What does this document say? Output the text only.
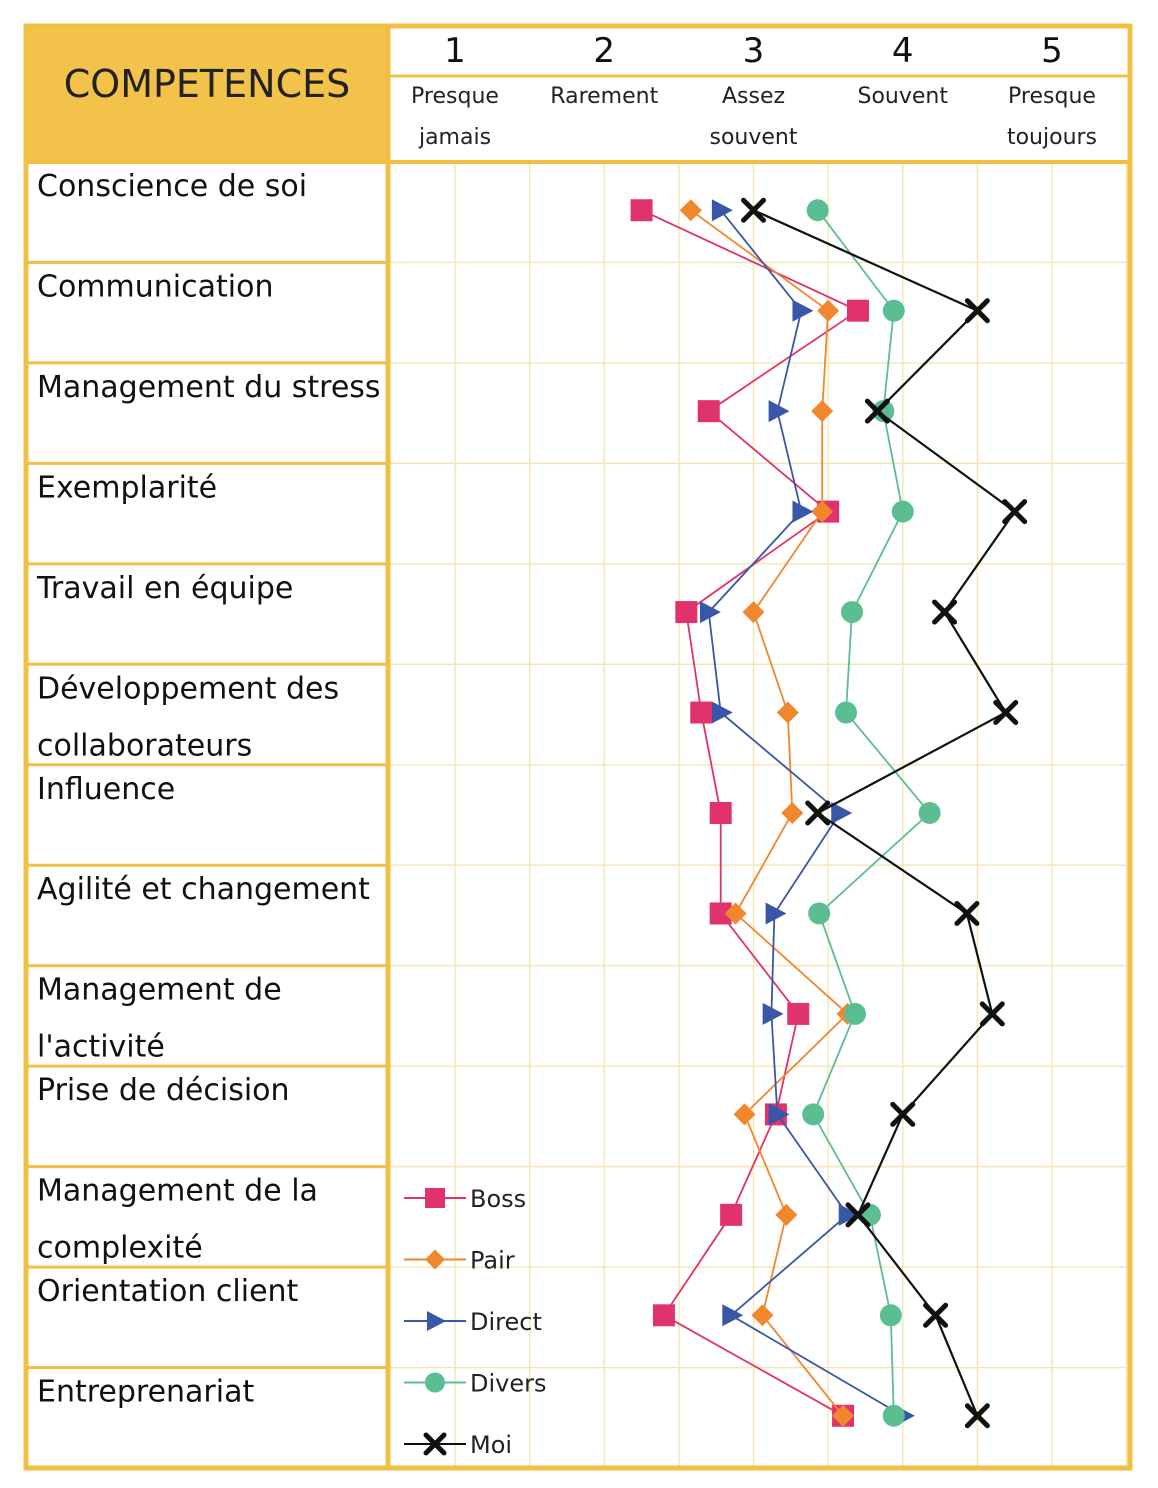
COMPETENCES
1
Presque
jamais
2
Rarement
3
Assez
souvent
4
Souvent
5
Presque
toujours
Conscience de soi
Communication
Management du stress
Exemplarité
Travail en équipe
Développement des
collaborateurs
Influence
Agilité et changement
Management de
l'activité
Prise de décision
Management de la
complexité
Orientation client
Entreprenariat
Boss
Pair
Direct
Divers
Moi
